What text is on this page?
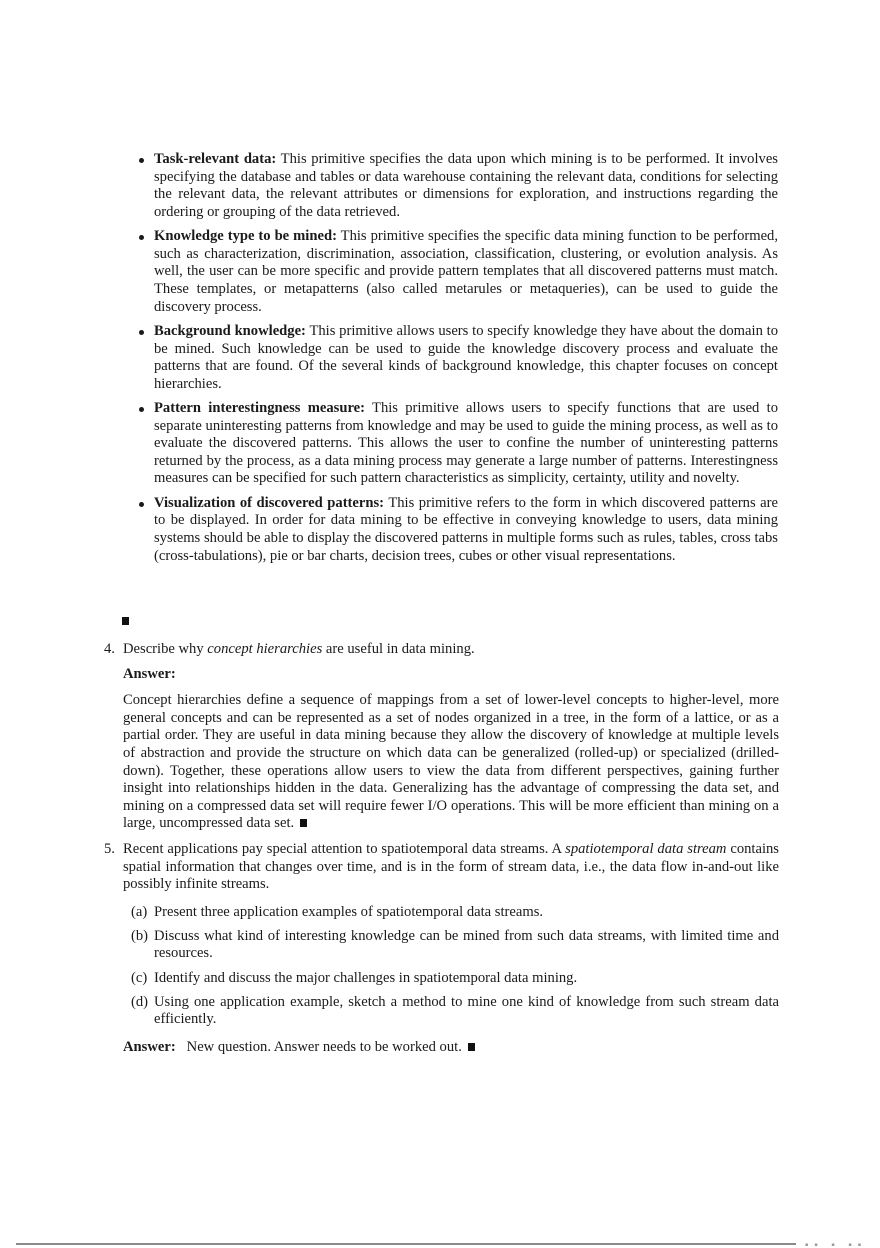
Task-relevant data: This primitive specifies the data upon which mining is to be performed. It involves specifying the database and tables or data warehouse containing the relevant data, conditions for selecting the relevant data, the relevant attributes or dimensions for exploration, and instructions regarding the ordering or grouping of the data retrieved.
Knowledge type to be mined: This primitive specifies the specific data mining function to be performed, such as characterization, discrimination, association, classification, clustering, or evolution analysis. As well, the user can be more specific and provide pattern templates that all discovered patterns must match. These templates, or metapatterns (also called metarules or metaqueries), can be used to guide the discovery process.
Background knowledge: This primitive allows users to specify knowledge they have about the domain to be mined. Such knowledge can be used to guide the knowledge discovery process and evaluate the patterns that are found. Of the several kinds of background knowledge, this chapter focuses on concept hierarchies.
Pattern interestingness measure: This primitive allows users to specify functions that are used to separate uninteresting patterns from knowledge and may be used to guide the mining process, as well as to evaluate the discovered patterns. This allows the user to confine the number of uninteresting patterns returned by the process, as a data mining process may generate a large number of patterns. Interestingness measures can be specified for such pattern characteristics as simplicity, certainty, utility and novelty.
Visualization of discovered patterns: This primitive refers to the form in which discovered patterns are to be displayed. In order for data mining to be effective in conveying knowledge to users, data mining systems should be able to display the discovered patterns in multiple forms such as rules, tables, cross tabs (cross-tabulations), pie or bar charts, decision trees, cubes or other visual representations.
4. Describe why concept hierarchies are useful in data mining.
Answer:
Concept hierarchies define a sequence of mappings from a set of lower-level concepts to higher-level, more general concepts and can be represented as a set of nodes organized in a tree, in the form of a lattice, or as a partial order. They are useful in data mining because they allow the discovery of knowledge at multiple levels of abstraction and provide the structure on which data can be generalized (rolled-up) or specialized (drilled-down). Together, these operations allow users to view the data from different perspectives, gaining further insight into relationships hidden in the data. Generalizing has the advantage of compressing the data set, and mining on a compressed data set will require fewer I/O operations. This will be more efficient than mining on a large, uncompressed data set.
5. Recent applications pay special attention to spatiotemporal data streams. A spatiotemporal data stream contains spatial information that changes over time, and is in the form of stream data, i.e., the data flow in-and-out like possibly infinite streams.
(a) Present three application examples of spatiotemporal data streams.
(b) Discuss what kind of interesting knowledge can be mined from such data streams, with limited time and resources.
(c) Identify and discuss the major challenges in spatiotemporal data mining.
(d) Using one application example, sketch a method to mine one kind of knowledge from such stream data efficiently.
Answer: New question. Answer needs to be worked out.
▪▪ ▪ ▪▪
